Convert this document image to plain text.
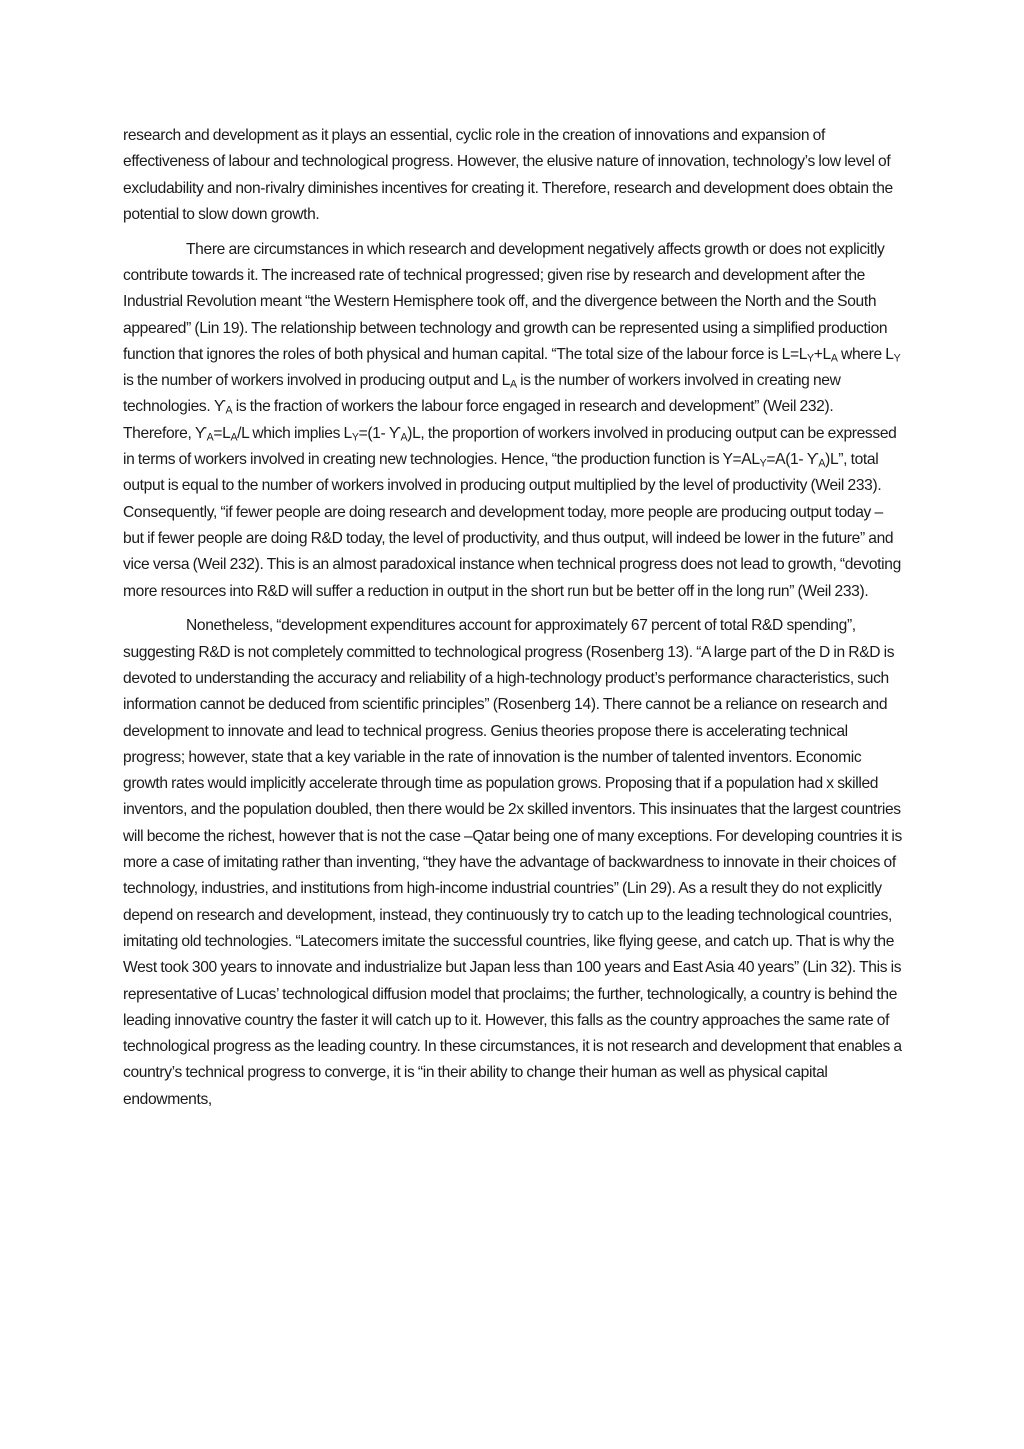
research and development as it plays an essential, cyclic role in the creation of innovations and expansion of effectiveness of labour and technological progress. However, the elusive nature of innovation, technology’s low level of excludability and non-rivalry diminishes incentives for creating it. Therefore, research and development does obtain the potential to slow down growth.

There are circumstances in which research and development negatively affects growth or does not explicitly contribute towards it. The increased rate of technical progressed; given rise by research and development after the Industrial Revolution meant “the Western Hemisphere took off, and the divergence between the North and the South appeared” (Lin 19). The relationship between technology and growth can be represented using a simplified production function that ignores the roles of both physical and human capital. “The total size of the labour force is $L=L_Y+L_A$ where $L_Y$ is the number of workers involved in producing output and $L_A$ is the number of workers involved in creating new technologies. $ϒ_A$ is the fraction of workers the labour force engaged in research and development” (Weil 232). Therefore, $ϒ_A=L_A/L$ which implies $L_Y=(1-$ $ϒ_A)L$, the proportion of workers involved in producing output can be expressed in terms of workers involved in creating new technologies. Hence, “the production function is $Y=AL_Y=A(1-$ $ϒ_A)L$”, total output is equal to the number of workers involved in producing output multiplied by the level of productivity (Weil 233). Consequently, “if fewer people are doing research and development today, more people are producing output today – but if fewer people are doing R&D today, the level of productivity, and thus output, will indeed be lower in the future” and vice versa (Weil 232). This is an almost paradoxical instance when technical progress does not lead to growth, “devoting more resources into R&D will suffer a reduction in output in the short run but be better off in the long run” (Weil 233).

Nonetheless, “development expenditures account for approximately 67 percent of total R&D spending”, suggesting R&D is not completely committed to technological progress (Rosenberg 13). “A large part of the D in R&D is devoted to understanding the accuracy and reliability of a high-technology product’s performance characteristics, such information cannot be deduced from scientific principles” (Rosenberg 14). There cannot be a reliance on research and development to innovate and lead to technical progress. Genius theories propose there is accelerating technical progress; however, state that a key variable in the rate of innovation is the number of talented inventors. Economic growth rates would implicitly accelerate through time as population grows. Proposing that if a population had x skilled inventors, and the population doubled, then there would be 2x skilled inventors. This insinuates that the largest countries will become the richest, however that is not the case –Qatar being one of many exceptions. For developing countries it is more a case of imitating rather than inventing, “they have the advantage of backwardness to innovate in their choices of technology, industries, and institutions from high-income industrial countries” (Lin 29). As a result they do not explicitly depend on research and development, instead, they continuously try to catch up to the leading technological countries, imitating old technologies. “Latecomers imitate the successful countries, like flying geese, and catch up. That is why the West took 300 years to innovate and industrialize but Japan less than 100 years and East Asia 40 years” (Lin 32). This is representative of Lucas’ technological diffusion model that proclaims; the further, technologically, a country is behind the leading innovative country the faster it will catch up to it. However, this falls as the country approaches the same rate of technological progress as the leading country. In these circumstances, it is not research and development that enables a country’s technical progress to converge, it is “in their ability to change their human as well as physical capital endowments,
